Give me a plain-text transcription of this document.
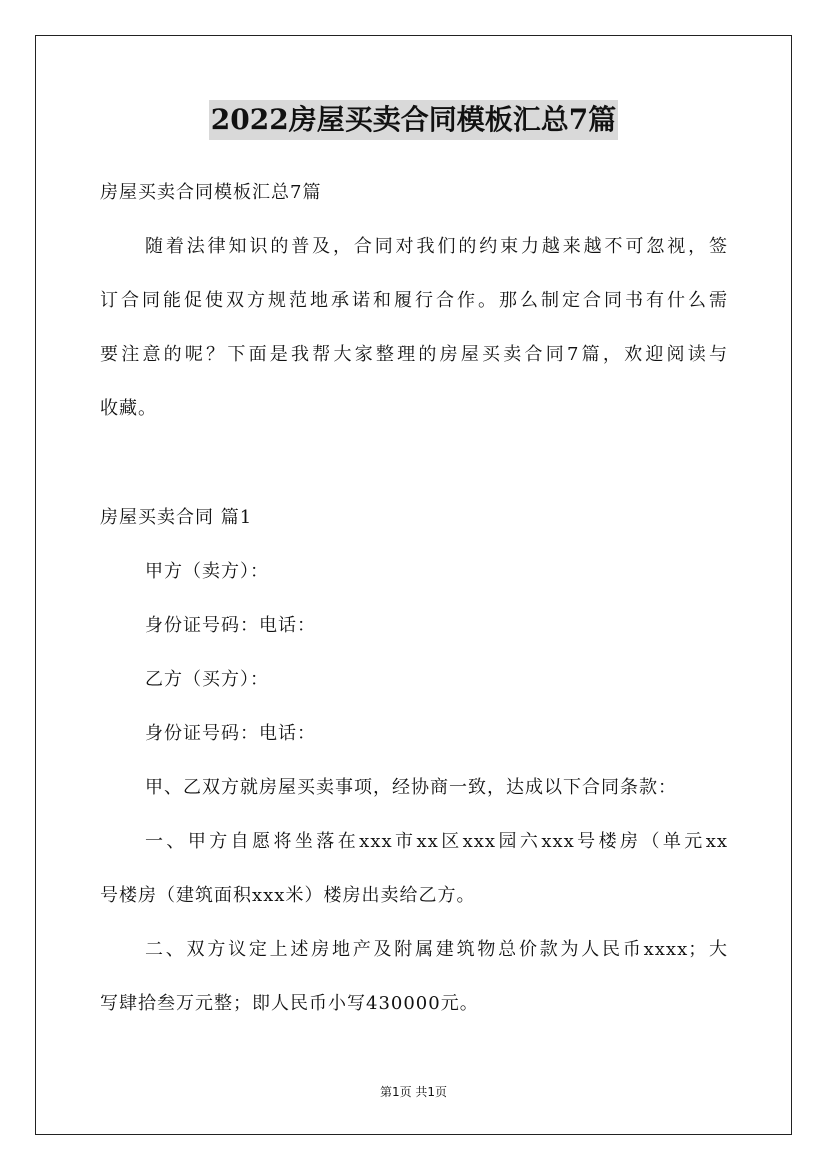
2022房屋买卖合同模板汇总7篇
房屋买卖合同模板汇总7篇
随着法律知识的普及，合同对我们的约束力越来越不可忽视，签
订合同能促使双方规范地承诺和履行合作。那么制定合同书有什么需
要注意的呢？下面是我帮大家整理的房屋买卖合同7篇，欢迎阅读与
收藏。
房屋买卖合同 篇1
甲方（卖方）：
身份证号码：电话：
乙方（买方）：
身份证号码：电话：
甲、乙双方就房屋买卖事项，经协商一致，达成以下合同条款：
一、甲方自愿将坐落在xxx市xx区xxx园六xxx号楼房（单元xx
号楼房（建筑面积xxx米）楼房出卖给乙方。
二、双方议定上述房地产及附属建筑物总价款为人民币xxxx；大
写肆拾叁万元整；即人民币小写430000元。
第1页 共1页
